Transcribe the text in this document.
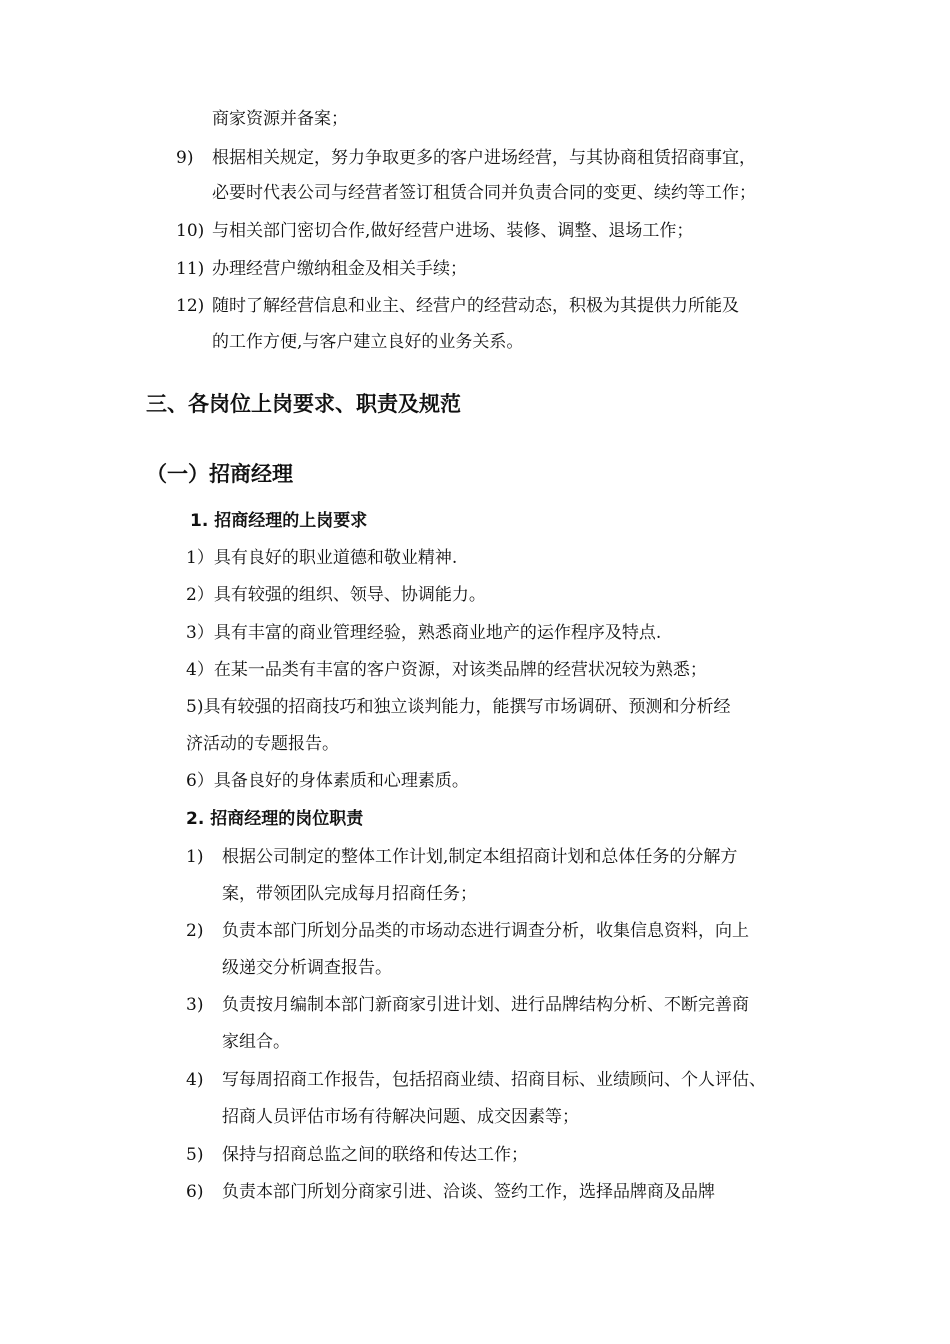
商家资源并备案；
9) 根据相关规定，努力争取更多的客户进场经营，与其协商租赁招商事宜，
必要时代表公司与经营者签订租赁合同并负责合同的变更、续约等工作；
10) 与相关部门密切合作,做好经营户进场、装修、调整、退场工作；
11) 办理经营户缴纳租金及相关手续；
12) 随时了解经营信息和业主、经营户的经营动态，积极为其提供力所能及
的工作方便,与客户建立良好的业务关系。
三、各岗位上岗要求、职责及规范
（一）招商经理
1. 招商经理的上岗要求
1）具有良好的职业道德和敬业精神.
2）具有较强的组织、领导、协调能力。
3）具有丰富的商业管理经验，熟悉商业地产的运作程序及特点.
4）在某一品类有丰富的客户资源，对该类品牌的经营状况较为熟悉；
5)具有较强的招商技巧和独立谈判能力，能撰写市场调研、预测和分析经
济活动的专题报告。
6）具备良好的身体素质和心理素质。
2. 招商经理的岗位职责
1) 根据公司制定的整体工作计划,制定本组招商计划和总体任务的分解方
案，带领团队完成每月招商任务；
2) 负责本部门所划分品类的市场动态进行调查分析，收集信息资料，向上
级递交分析调查报告。
3) 负责按月编制本部门新商家引进计划、进行品牌结构分析、不断完善商
家组合。
4) 写每周招商工作报告，包括招商业绩、招商目标、业绩顾问、个人评估、
招商人员评估市场有待解决问题、成交因素等；
5) 保持与招商总监之间的联络和传达工作；
6) 负责本部门所划分商家引进、洽谈、签约工作，选择品牌商及品牌
